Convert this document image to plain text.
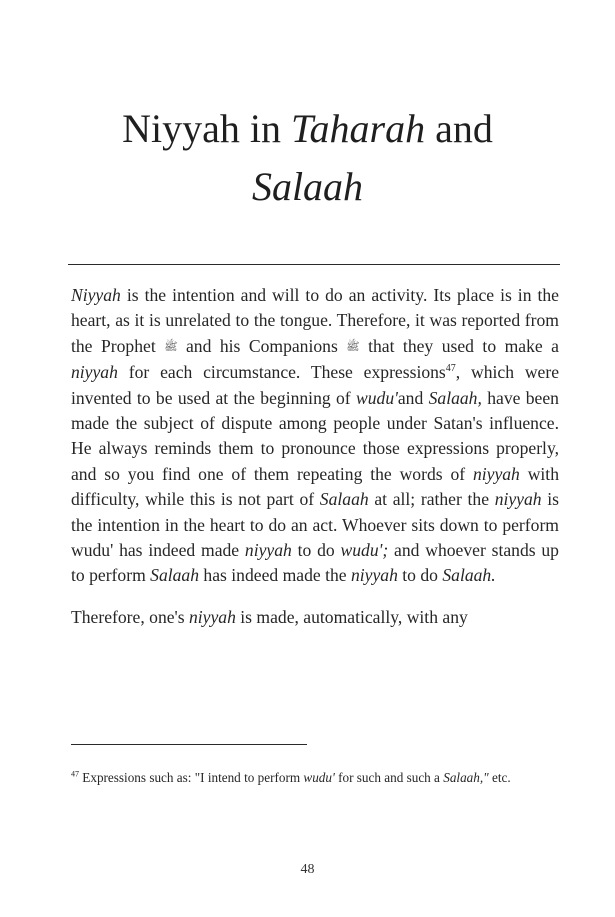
Niyyah in Taharah and
Salaah

Niyyah is the intention and will to do an activity. Its place is in the heart, as it is unrelated to the tongue. Therefore, it was reported from the Prophet ﷺ and his Companions ﷺ that they used to make a niyyah for each circumstance. These expressions$^{47}$, which were invented to be used at the beginning of wudu'and Salaah, have been made the subject of dispute among people under Satan's influence. He always reminds them to pronounce those expressions properly, and so you find one of them repeating the words of niyyah with difficulty, while this is not part of Salaah at all; rather the niyyah is the intention in the heart to do an act. Whoever sits down to perform wudu' has indeed made niyyah to do wudu'; and whoever stands up to perform Salaah has indeed made the niyyah to do Salaah.

Therefore, one's niyyah is made, automatically, with any

$^{47}$ Expressions such as: "I intend to perform wudu' for such and such a Salaah," etc.

48
